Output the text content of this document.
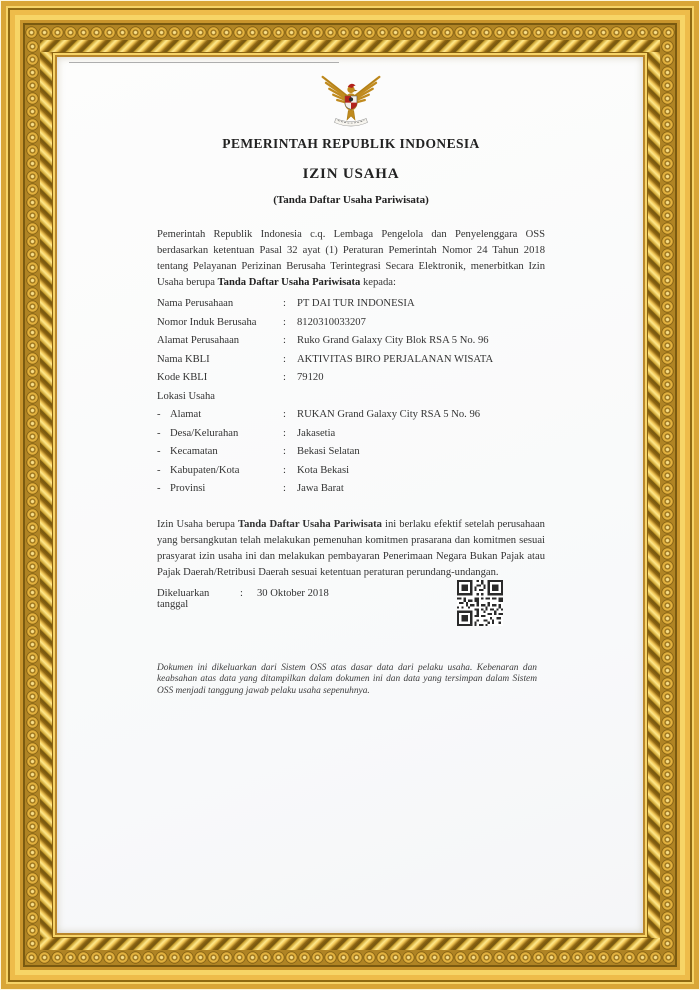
PEMERINTAH REPUBLIK INDONESIA
IZIN USAHA
(Tanda Daftar Usaha Pariwisata)
Pemerintah Republik Indonesia c.q. Lembaga Pengelola dan Penyelenggara OSS berdasarkan ketentuan Pasal 32 ayat (1) Peraturan Pemerintah Nomor 24 Tahun 2018 tentang Pelayanan Perizinan Berusaha Terintegrasi Secara Elektronik, menerbitkan Izin Usaha berupa Tanda Daftar Usaha Pariwisata kepada:
Nama Perusahaan	:	PT DAI TUR INDONESIA
Nomor Induk Berusaha	:	8120310033207
Alamat Perusahaan	:	Ruko Grand Galaxy City Blok RSA 5 No. 96
Nama KBLI	:	AKTIVITAS BIRO PERJALANAN WISATA
Kode KBLI	:	79120
Lokasi Usaha
- Alamat	:	RUKAN Grand Galaxy City RSA 5 No. 96
- Desa/Kelurahan	:	Jakasetia
- Kecamatan	:	Bekasi Selatan
- Kabupaten/Kota	:	Kota Bekasi
- Provinsi	:	Jawa Barat
Izin Usaha berupa Tanda Daftar Usaha Pariwisata ini berlaku efektif setelah perusahaan yang bersangkutan telah melakukan pemenuhan komitmen prasarana dan komitmen sesuai prasyarat izin usaha ini dan melakukan pembayaran Penerimaan Negara Bukan Pajak atau Pajak Daerah/Retribusi Daerah sesuai ketentuan peraturan perundang-undangan.
Dikeluarkan tanggal
:	30 Oktober 2018
Dokumen ini dikeluarkan dari Sistem OSS atas dasar data dari pelaku usaha. Kebenaran dan keabsahan atas data yang ditampilkan dalam dokumen ini dan data yang tersimpan dalam Sistem OSS menjadi tanggung jawab pelaku usaha sepenuhnya.
